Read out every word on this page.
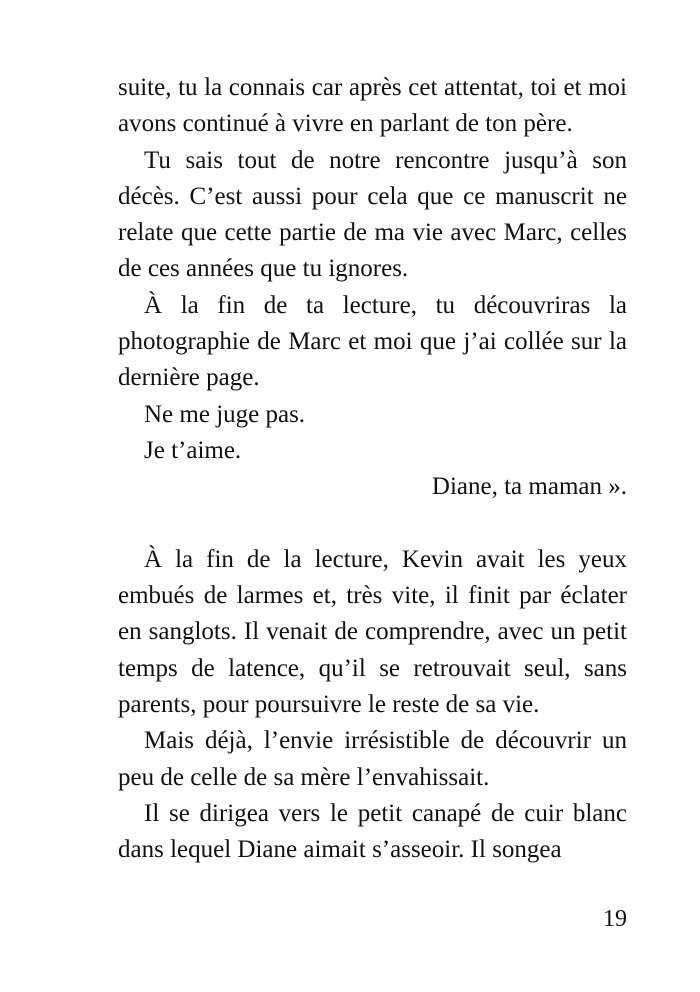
suite, tu la connais car après cet attentat, toi et moi avons continué à vivre en parlant de ton père.

Tu sais tout de notre rencontre jusqu’à son décès. C’est aussi pour cela que ce manuscrit ne relate que cette partie de ma vie avec Marc, celles de ces années que tu ignores.

À la fin de ta lecture, tu découvriras la photographie de Marc et moi que j’ai collée sur la dernière page.

Ne me juge pas.

Je t’aime.

Diane, ta maman ».

À la fin de la lecture, Kevin avait les yeux embués de larmes et, très vite, il finit par éclater en sanglots. Il venait de comprendre, avec un petit temps de latence, qu’il se retrouvait seul, sans parents, pour poursuivre le reste de sa vie.

Mais déjà, l’envie irrésistible de découvrir un peu de celle de sa mère l’envahissait.

Il se dirigea vers le petit canapé de cuir blanc dans lequel Diane aimait s’asseoir. Il songea

19
